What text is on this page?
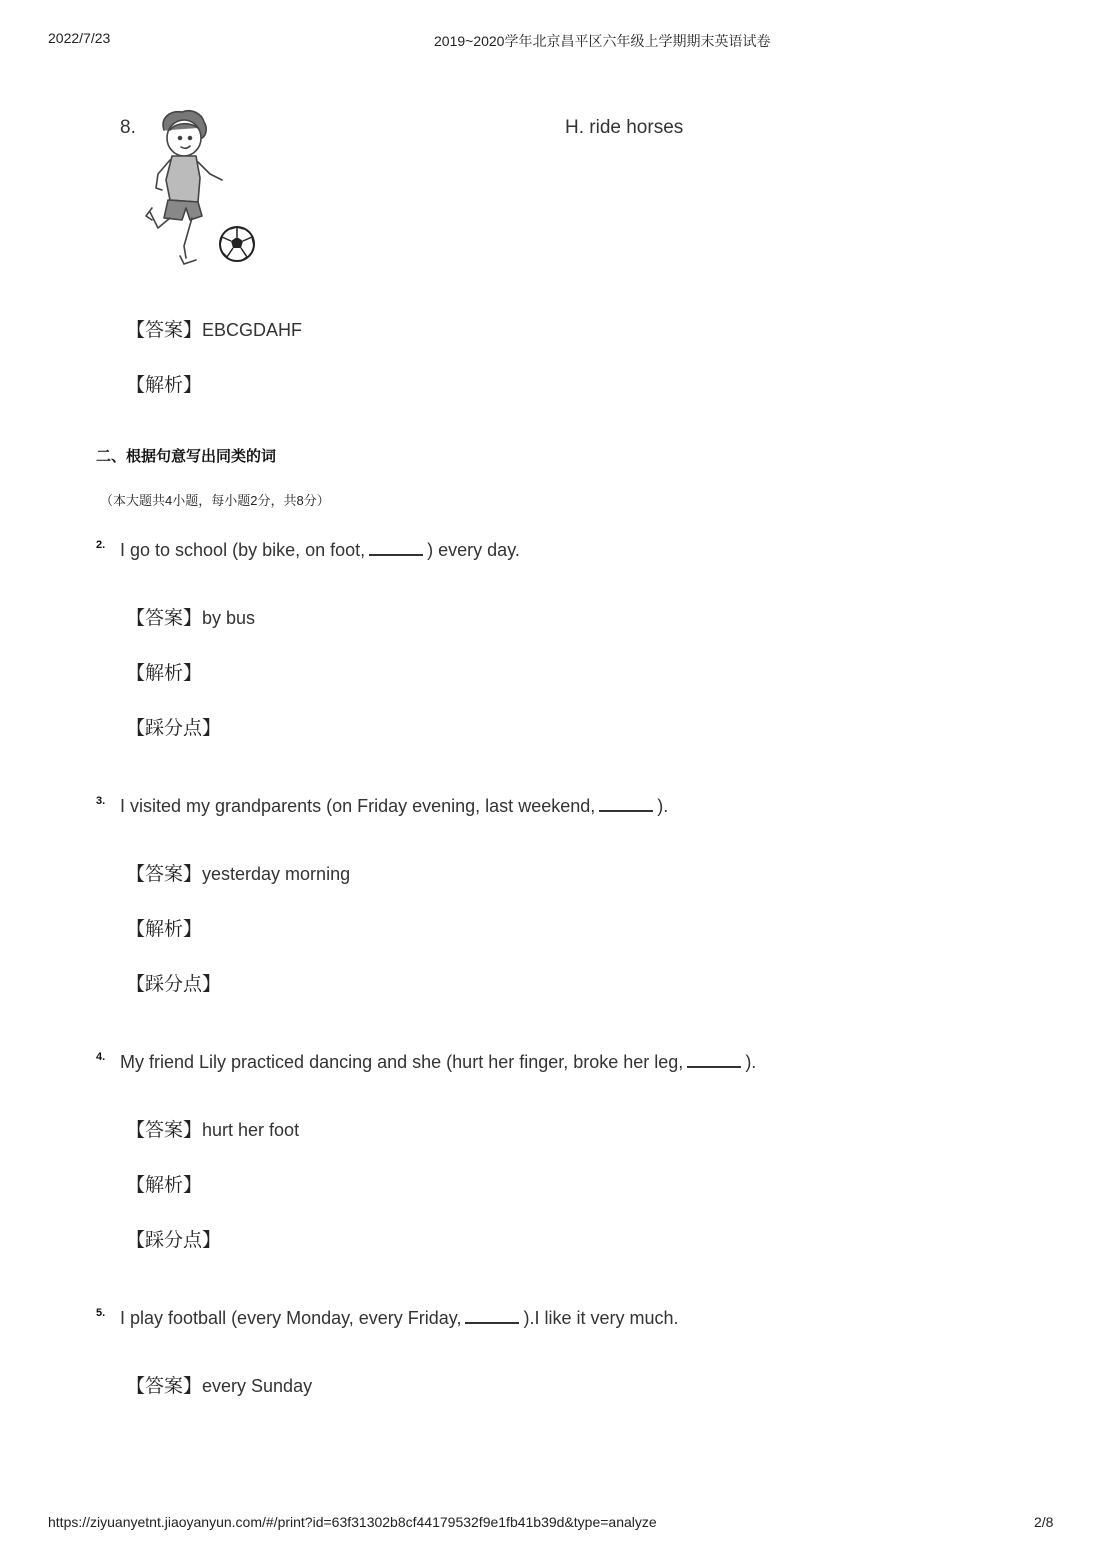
2022/7/23	2019~2020学年北京昌平区六年级上学期期末英语试卷
8.	H. ride horses
【答案】EBCGDAHF
【解析】
二、根据句意写出同类的词
（本大题共4小题，每小题2分，共8分）
2. I go to school (by bike, on foot,	) every day.
【答案】by bus
【解析】
【踩分点】
3. I visited my grandparents (on Friday evening, last weekend,	).
【答案】yesterday morning
【解析】
【踩分点】
4. My friend Lily practiced dancing and she (hurt her finger, broke her leg,	).
【答案】hurt her foot
【解析】
【踩分点】
5. I play football (every Monday, every Friday,	).I like it very much.
【答案】every Sunday
https://ziyuanyetnt.jiaoyanyun.com/#/print?id=63f31302b8cf44179532f9e1fb41b39d&type=analyze	2/8
